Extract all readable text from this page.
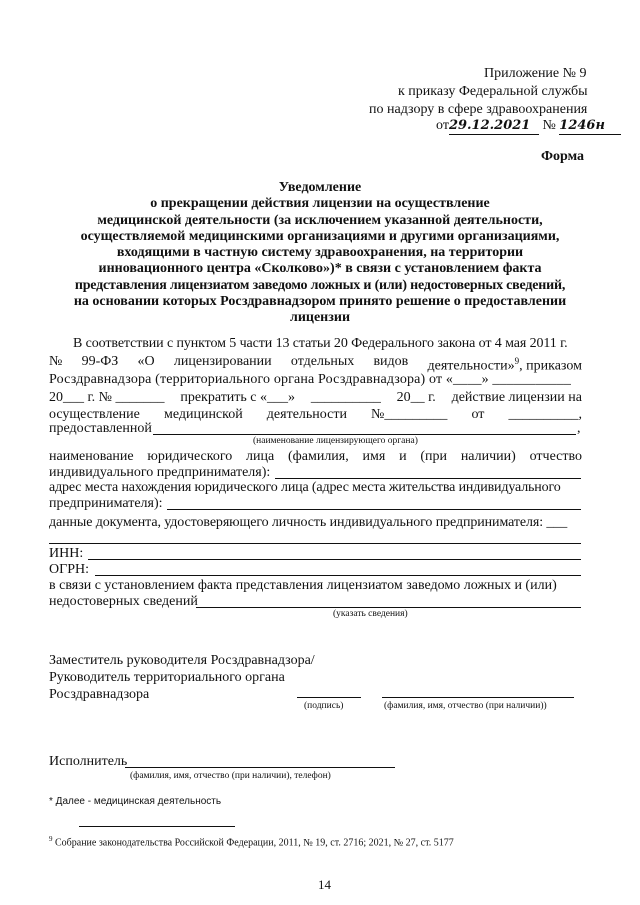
Приложение № 9
к приказу Федеральной службы
по надзору в сфере здравоохранения
от29.12.2021 № 1246н
Форма
Уведомление
о прекращении действия лицензии на осуществление
медицинской деятельности (за исключением указанной деятельности,
осуществляемой медицинскими организациями и другими организациями,
входящими в частную систему здравоохранения, на территории
инновационного центра «Сколково»)* в связи с установлением факта
представления лицензиатом заведомо ложных и (или) недостоверных сведений,
на основании которых Росздравнадзором принято решение о предоставлении
лицензии
В соответствии с пунктом 5 части 13 статьи 20 Федерального закона от 4 мая 2011 г.
№ 99-ФЗ «О лицензировании отдельных видов деятельности»$^9$, приказом
Росздравнадзора (территориального органа Росздравнадзора) от «____» ___________
20___ г. № _______ прекратить с «___» __________ 20__ г. действие лицензии на
осуществление медицинской деятельности №_________ от __________,
предоставленной	,
(наименование лицензирующего органа)
наименование юридического лица (фамилия, имя и (при наличии) отчество
индивидуального предпринимателя):
адрес места нахождения юридического лица (адрес места жительства индивидуального
предпринимателя):
данные документа, удостоверяющего личность индивидуального предпринимателя: ___
ИНН:
ОГРН:
в связи с установлением факта представления лицензиатом заведомо ложных и (или)
недостоверных сведений
(указать сведения)
Заместитель руководителя Росздравнадзора/
Руководитель территориального органа
Росздравнадзора
(подпись)	(фамилия, имя, отчество (при наличии))
Исполнитель
(фамилия, имя, отчество (при наличии), телефон)
* Далее - медицинская деятельность
$^9$ Собрание законодательства Российской Федерации, 2011, № 19, ст. 2716; 2021, № 27, ст. 5177
14
